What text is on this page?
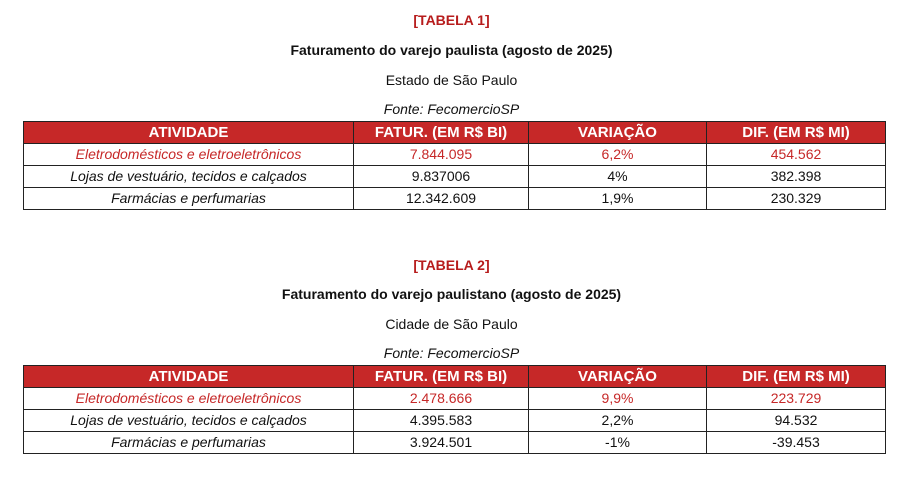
[TABELA 1]
Faturamento do varejo paulista (agosto de 2025)
Estado de São Paulo
Fonte: FecomercioSP
ATIVIDADE	FATUR. (EM R$ BI)	VARIAÇÃO	DIF. (EM R$ MI)
Eletrodomésticos e eletroeletrônicos	7.844.095	6,2%	454.562
Lojas de vestuário, tecidos e calçados	9.837006	4%	382.398
Farmácias e perfumarias	12.342.609	1,9%	230.329
[TABELA 2]
Faturamento do varejo paulistano (agosto de 2025)
Cidade de São Paulo
Fonte: FecomercioSP
ATIVIDADE	FATUR. (EM R$ BI)	VARIAÇÃO	DIF. (EM R$ MI)
Eletrodomésticos e eletroeletrônicos	2.478.666	9,9%	223.729
Lojas de vestuário, tecidos e calçados	4.395.583	2,2%	94.532
Farmácias e perfumarias	3.924.501	-1%	-39.453
